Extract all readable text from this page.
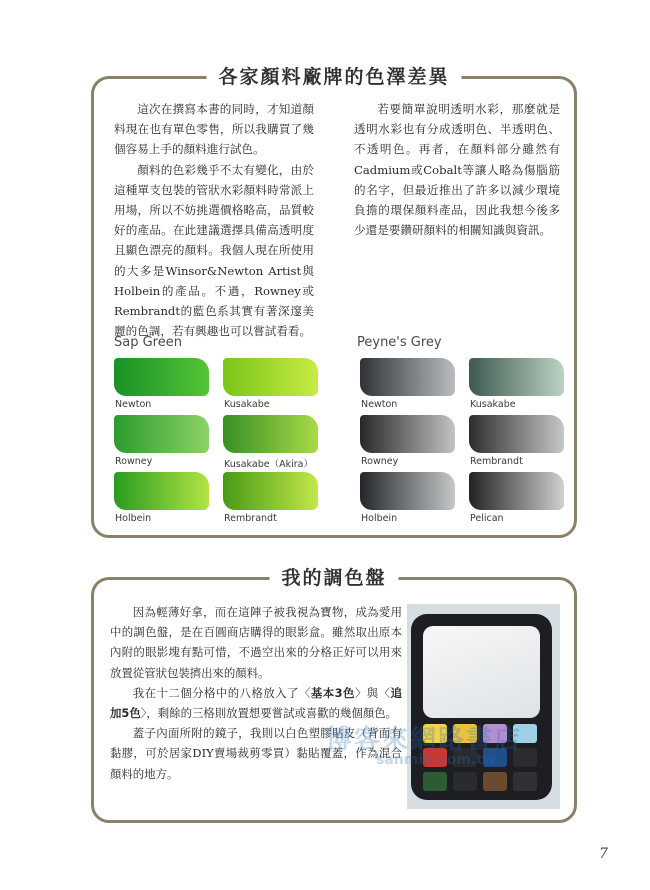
各家顏料廠牌的色澤差異

這次在撰寫本書的同時，才知道顏料現在也有單色零售，所以我購買了幾個容易上手的顏料進行試色。

顏料的色彩幾乎不太有變化，由於這種單支包裝的管狀水彩顏料時常派上用場，所以不妨挑選價格略高，品質較好的產品。在此建議選擇具備高透明度且顯色漂亮的顏料。我個人現在所使用的大多是Winsor&Newton Artist與Holbein的產品。不過，Rowney或Rembrandt的藍色系其實有著深邃美麗的色調，若有興趣也可以嘗試看看。

若要簡單說明透明水彩，那麼就是透明水彩也有分成透明色、半透明色、不透明色。再者，在顏料部分雖然有Cadmium或Cobalt等讓人略為傷腦筋的名字，但最近推出了許多以減少環境負擔的環保顏料產品，因此我想今後多少還是要鑽研顏料的相關知識與資訊。

Sap Green	Peyne's Grey
Newton	Kusakabe
Rowney	Kusakabe（Akira）
Holbein	Rembrandt
Newton	Kusakabe
Rowney	Rembrandt
Holbein	Pelican
我的調色盤

因為輕薄好拿，而在這陣子被我視為寶物，成為愛用中的調色盤，是在百圓商店購得的眼影盒。雖然取出原本內附的眼影塊有點可惜，不過空出來的分格正好可以用來放置從管狀包裝擠出來的顏料。

我在十二個分格中的八格放入了〈基本3色〉與〈追加5色〉，剩餘的三格則放置想要嘗試或喜歡的幾個顏色。

蓋子內面所附的鏡子，我則以白色塑膠貼皮（背面有黏膠，可於居家DIY賣場裁剪零買）黏貼覆蓋，作為混合顏料的地方。

博客來網路書店
sanmin.com.tw
7
